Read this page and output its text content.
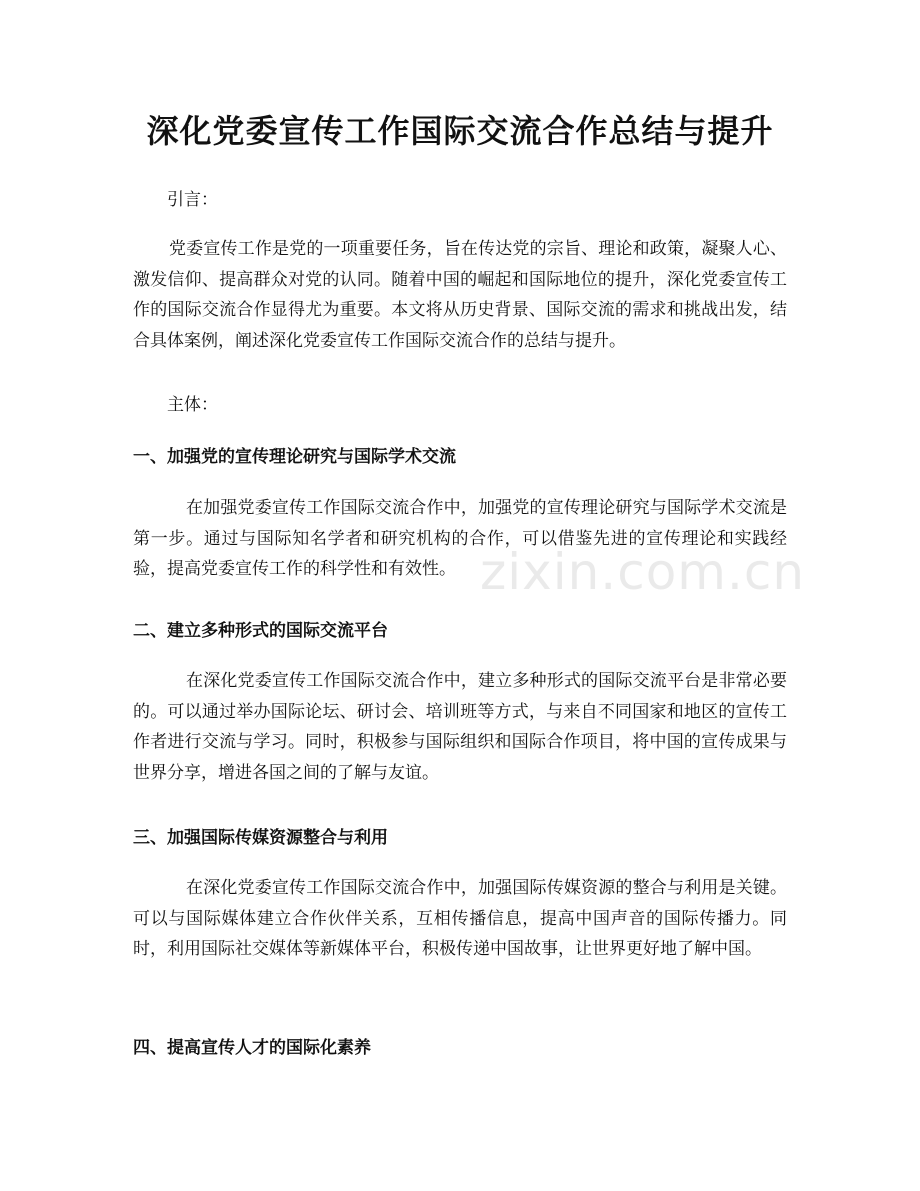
深化党委宣传工作国际交流合作总结与提升

引言：

党委宣传工作是党的一项重要任务，旨在传达党的宗旨、理论和政策，凝聚人心、激发信仰、提高群众对党的认同。随着中国的崛起和国际地位的提升，深化党委宣传工作的国际交流合作显得尤为重要。本文将从历史背景、国际交流的需求和挑战出发，结合具体案例，阐述深化党委宣传工作国际交流合作的总结与提升。

主体：

一、加强党的宣传理论研究与国际学术交流

在加强党委宣传工作国际交流合作中，加强党的宣传理论研究与国际学术交流是第一步。通过与国际知名学者和研究机构的合作，可以借鉴先进的宣传理论和实践经验，提高党委宣传工作的科学性和有效性。

二、建立多种形式的国际交流平台

在深化党委宣传工作国际交流合作中，建立多种形式的国际交流平台是非常必要的。可以通过举办国际论坛、研讨会、培训班等方式，与来自不同国家和地区的宣传工作者进行交流与学习。同时，积极参与国际组织和国际合作项目，将中国的宣传成果与世界分享，增进各国之间的了解与友谊。

三、加强国际传媒资源整合与利用

在深化党委宣传工作国际交流合作中，加强国际传媒资源的整合与利用是关键。可以与国际媒体建立合作伙伴关系，互相传播信息，提高中国声音的国际传播力。同时，利用国际社交媒体等新媒体平台，积极传递中国故事，让世界更好地了解中国。

四、提高宣传人才的国际化素养

zixin.com.cn
